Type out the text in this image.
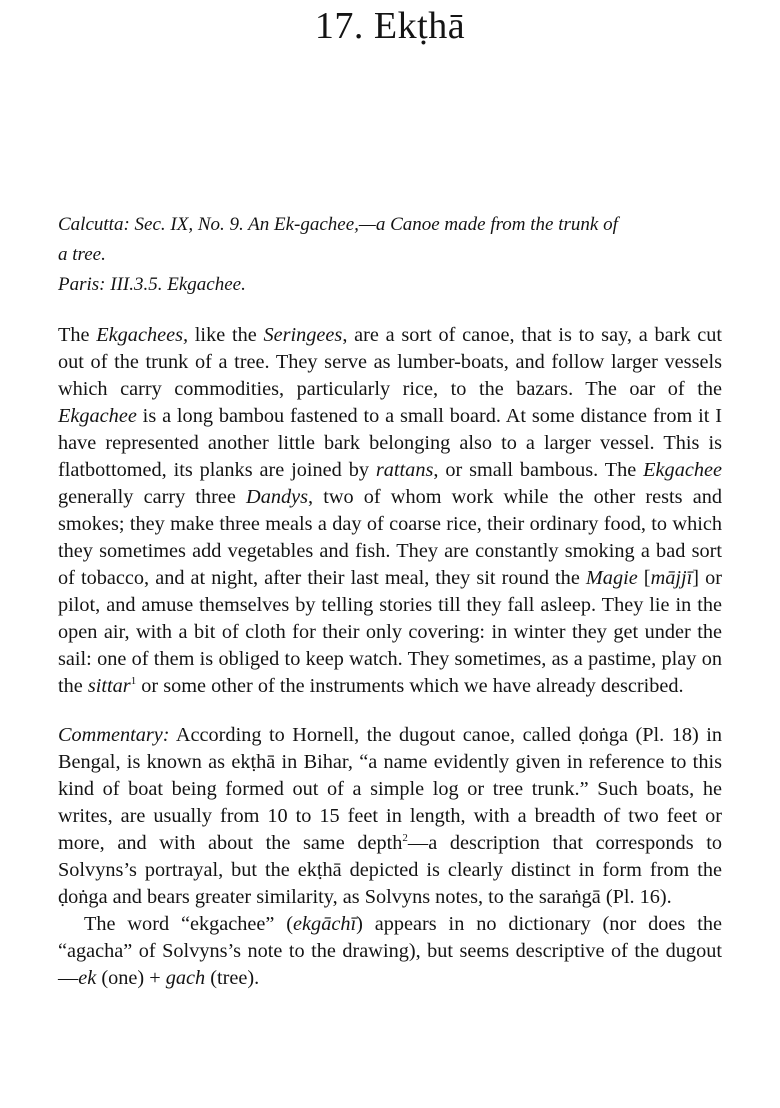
17. Ekṭhā

Calcutta: Sec. IX, No. 9. An Ek-gachee,—a Canoe made from the trunk of

a tree.

Paris: III.3.5. Ekgachee.

The Ekgachees, like the Seringees, are a sort of canoe, that is to say, a bark cut out of the trunk of a tree. They serve as lumber-boats, and follow larger vessels which carry commodities, particularly rice, to the bazars. The oar of the Ekgachee is a long bambou fastened to a small board. At some distance from it I have represented another little bark belonging also to a larger vessel. This is flatbottomed, its planks are joined by rattans, or small bambous. The Ekgachee generally carry three Dandys, two of whom work while the other rests and smokes; they make three meals a day of coarse rice, their ordinary food, to which they sometimes add vegetables and fish. They are constantly smoking a bad sort of tobacco, and at night, after their last meal, they sit round the Magie [mājjī] or pilot, and amuse themselves by telling stories till they fall asleep. They lie in the open air, with a bit of cloth for their only covering: in winter they get under the sail: one of them is obliged to keep watch. They sometimes, as a pastime, play on the sittar$^1$ or some other of the instruments which we have already described.

Commentary: According to Hornell, the dugout canoe, called ḍoṅga (Pl. 18) in Bengal, is known as ekṭhā in Bihar, “a name evidently given in reference to this kind of boat being formed out of a simple log or tree trunk.” Such boats, he writes, are usually from 10 to 15 feet in length, with a breadth of two feet or more, and with about the same depth$^2$—a description that corresponds to Solvyns’s portrayal, but the ekṭhā depicted is clearly distinct in form from the ḍoṅga and bears greater similarity, as Solvyns notes, to the saraṅgā (Pl. 16).

The word “ekgachee” (ekgāchī) appears in no dictionary (nor does the “agacha” of Solvyns’s note to the drawing), but seems descriptive of the dugout—ek (one) + gach (tree).
